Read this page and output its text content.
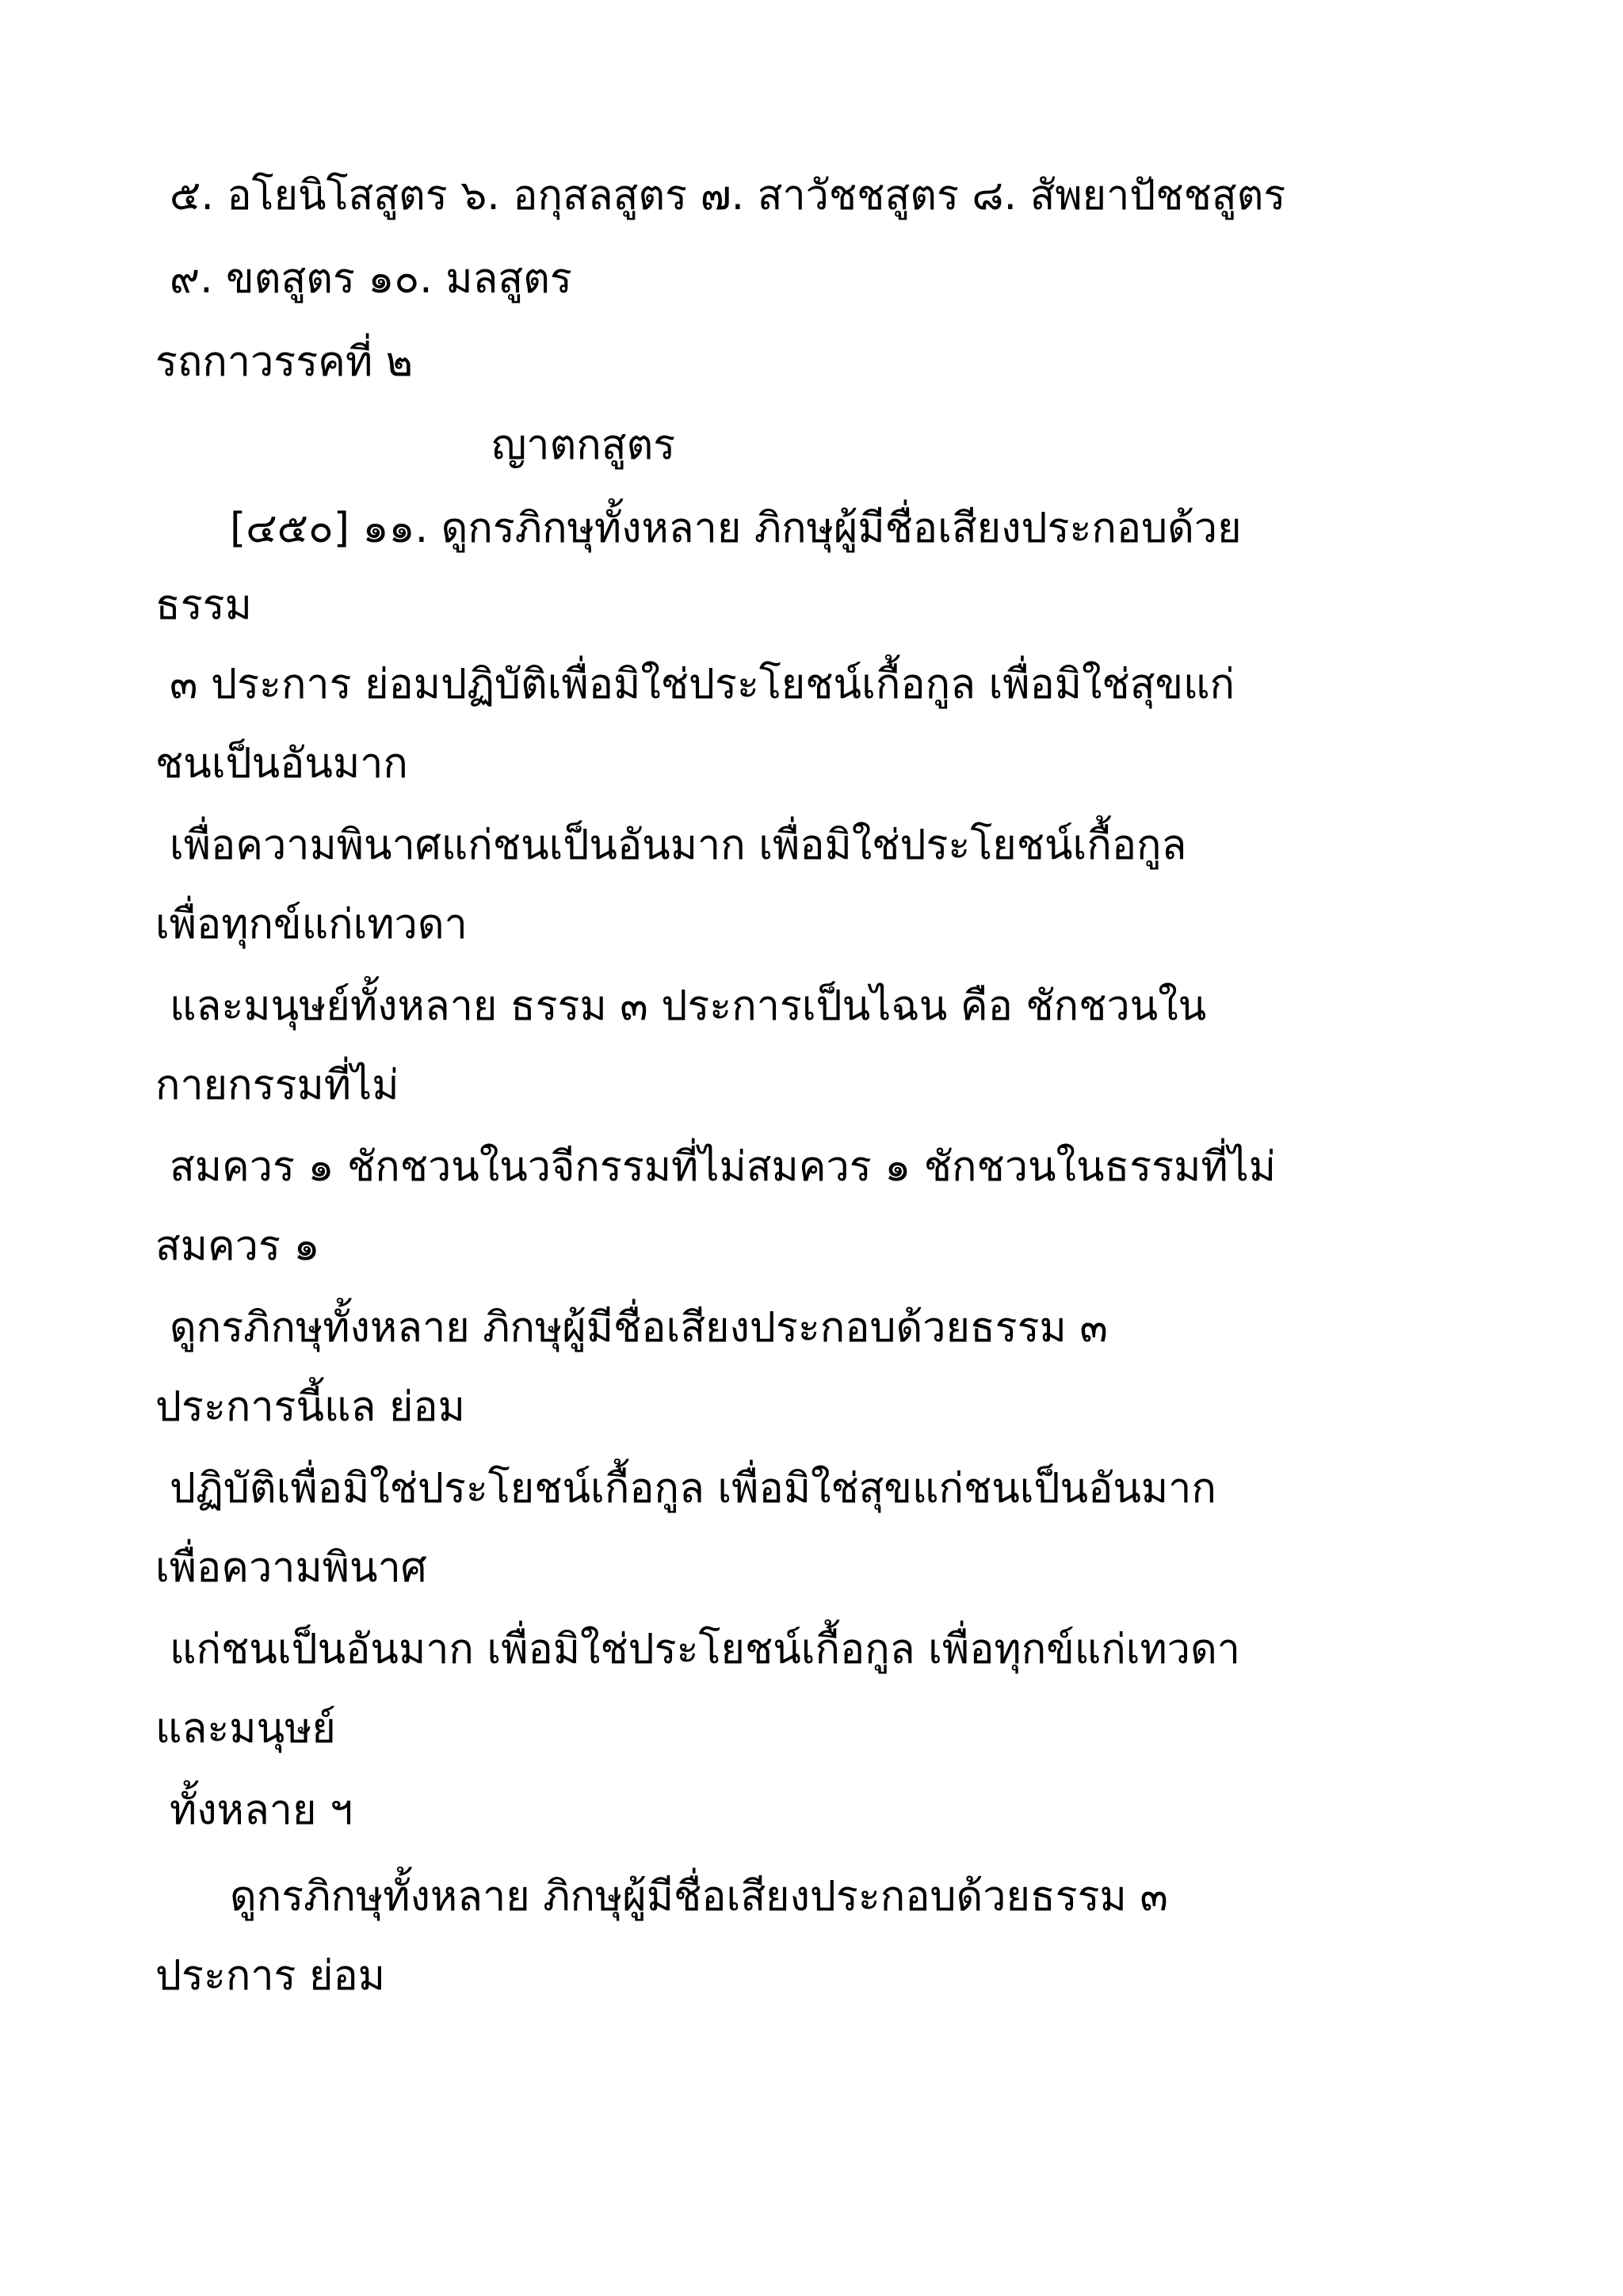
๕. อโยนิโสสูตร ๖. อกุสลสูตร ๗. สาวัชชสูตร ๘. สัพยาปัชชสูตร

๙. ขตสูตร ๑๐. มลสูตร

รถกาวรรคที่ ๒

ญาตกสูตร

[๔๕๐] ๑๑. ดูกรภิกษุทั้งหลาย ภิกษุผู้มีชื่อเสียงประกอบด้วย

ธรรม

๓ ประการ ย่อมปฏิบัติเพื่อมิใช่ประโยชน์เกื้อกูล เพื่อมิใช่สุขแก่

ชนเป็นอันมาก

เพื่อความพินาศแก่ชนเป็นอันมาก เพื่อมิใช่ประโยชน์เกื้อกูล

เพื่อทุกข์แก่เทวดา

และมนุษย์ทั้งหลาย ธรรม ๓ ประการเป็นไฉน คือ ชักชวนใน

กายกรรมที่ไม่

สมควร ๑ ชักชวนในวจีกรรมที่ไม่สมควร ๑ ชักชวนในธรรมที่ไม่

สมควร ๑

ดูกรภิกษุทั้งหลาย ภิกษุผู้มีชื่อเสียงประกอบด้วยธรรม ๓

ประการนี้แล ย่อม

ปฏิบัติเพื่อมิใช่ประโยชน์เกื้อกูล เพื่อมิใช่สุขแก่ชนเป็นอันมาก

เพื่อความพินาศ

แก่ชนเป็นอันมาก เพื่อมิใช่ประโยชน์เกื้อกูล เพื่อทุกข์แก่เทวดา

และมนุษย์

ทั้งหลาย ฯ

ดูกรภิกษุทั้งหลาย ภิกษุผู้มีชื่อเสียงประกอบด้วยธรรม ๓

ประการ ย่อม
